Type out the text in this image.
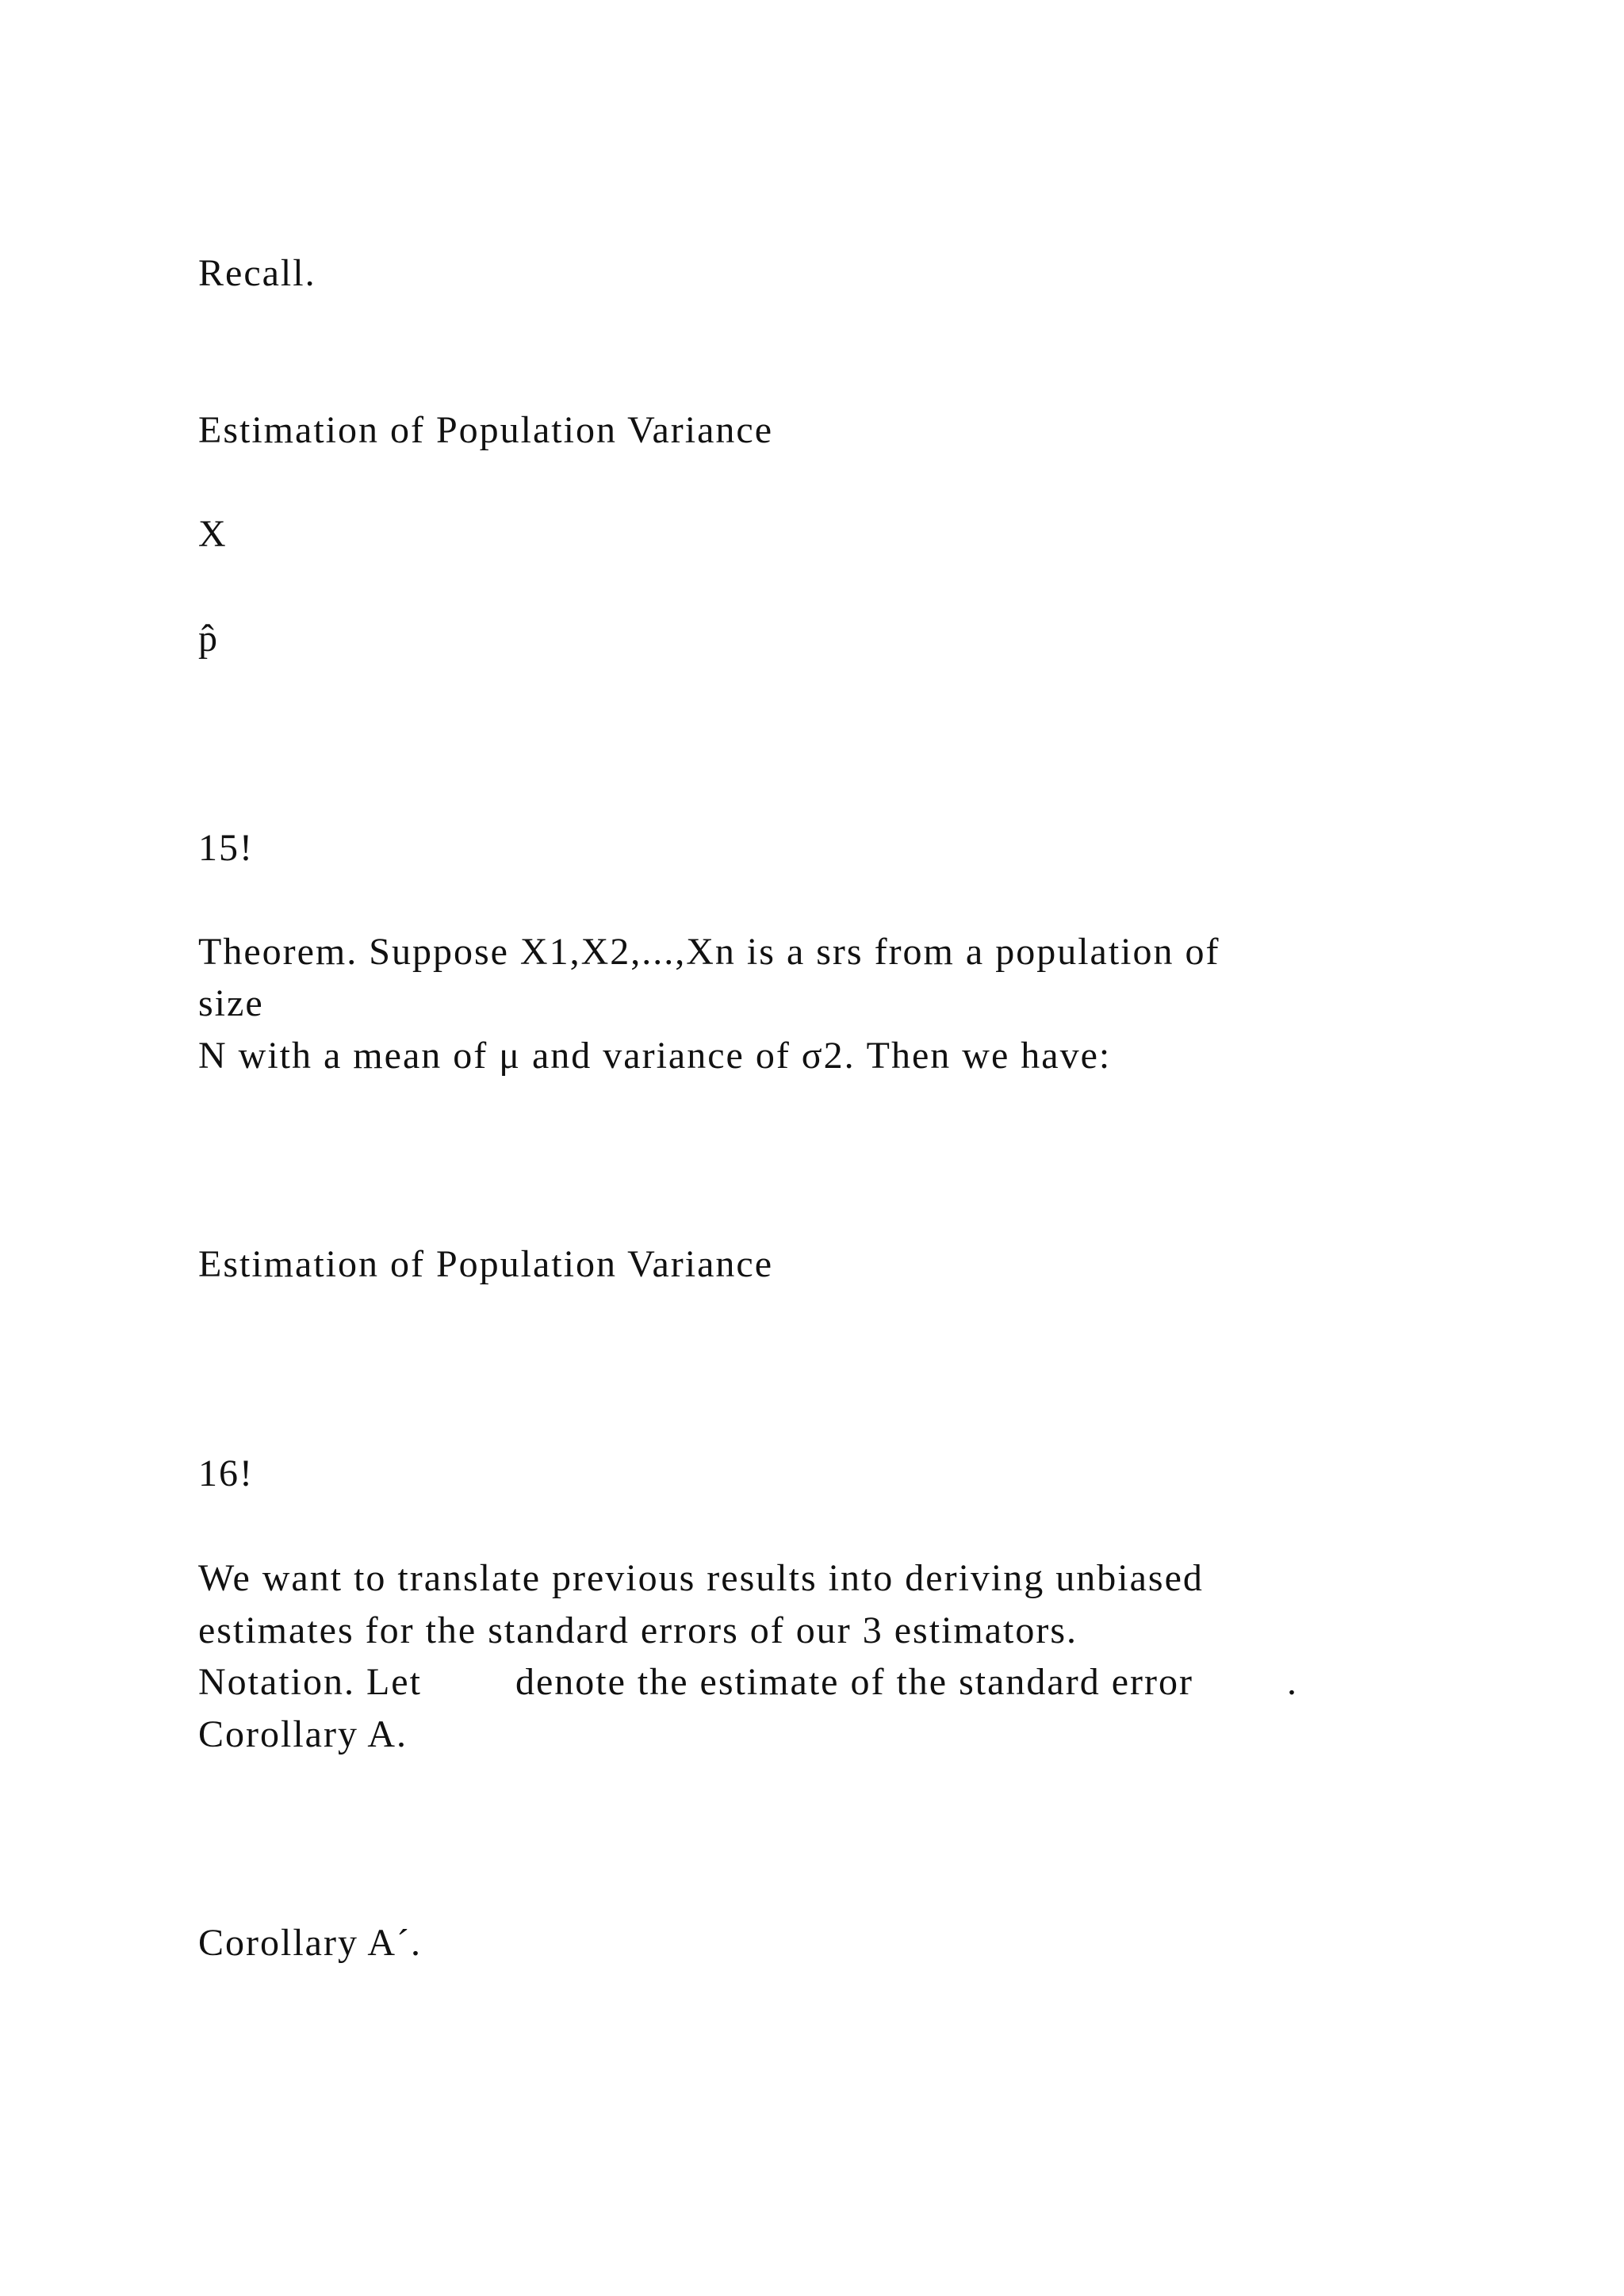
Recall.

Estimation of Population Variance

X

p̂

15!

Theorem. Suppose X1,X2,...,Xn is a srs from a population of

size

N with a mean of μ and variance of σ2. Then we have:

Estimation of Population Variance

16!

We want to translate previous results into deriving unbiased

estimates for the standard errors of our 3 estimators.

Notation. Let denote the estimate of the standard error .

Corollary A.

Corollary A´.
